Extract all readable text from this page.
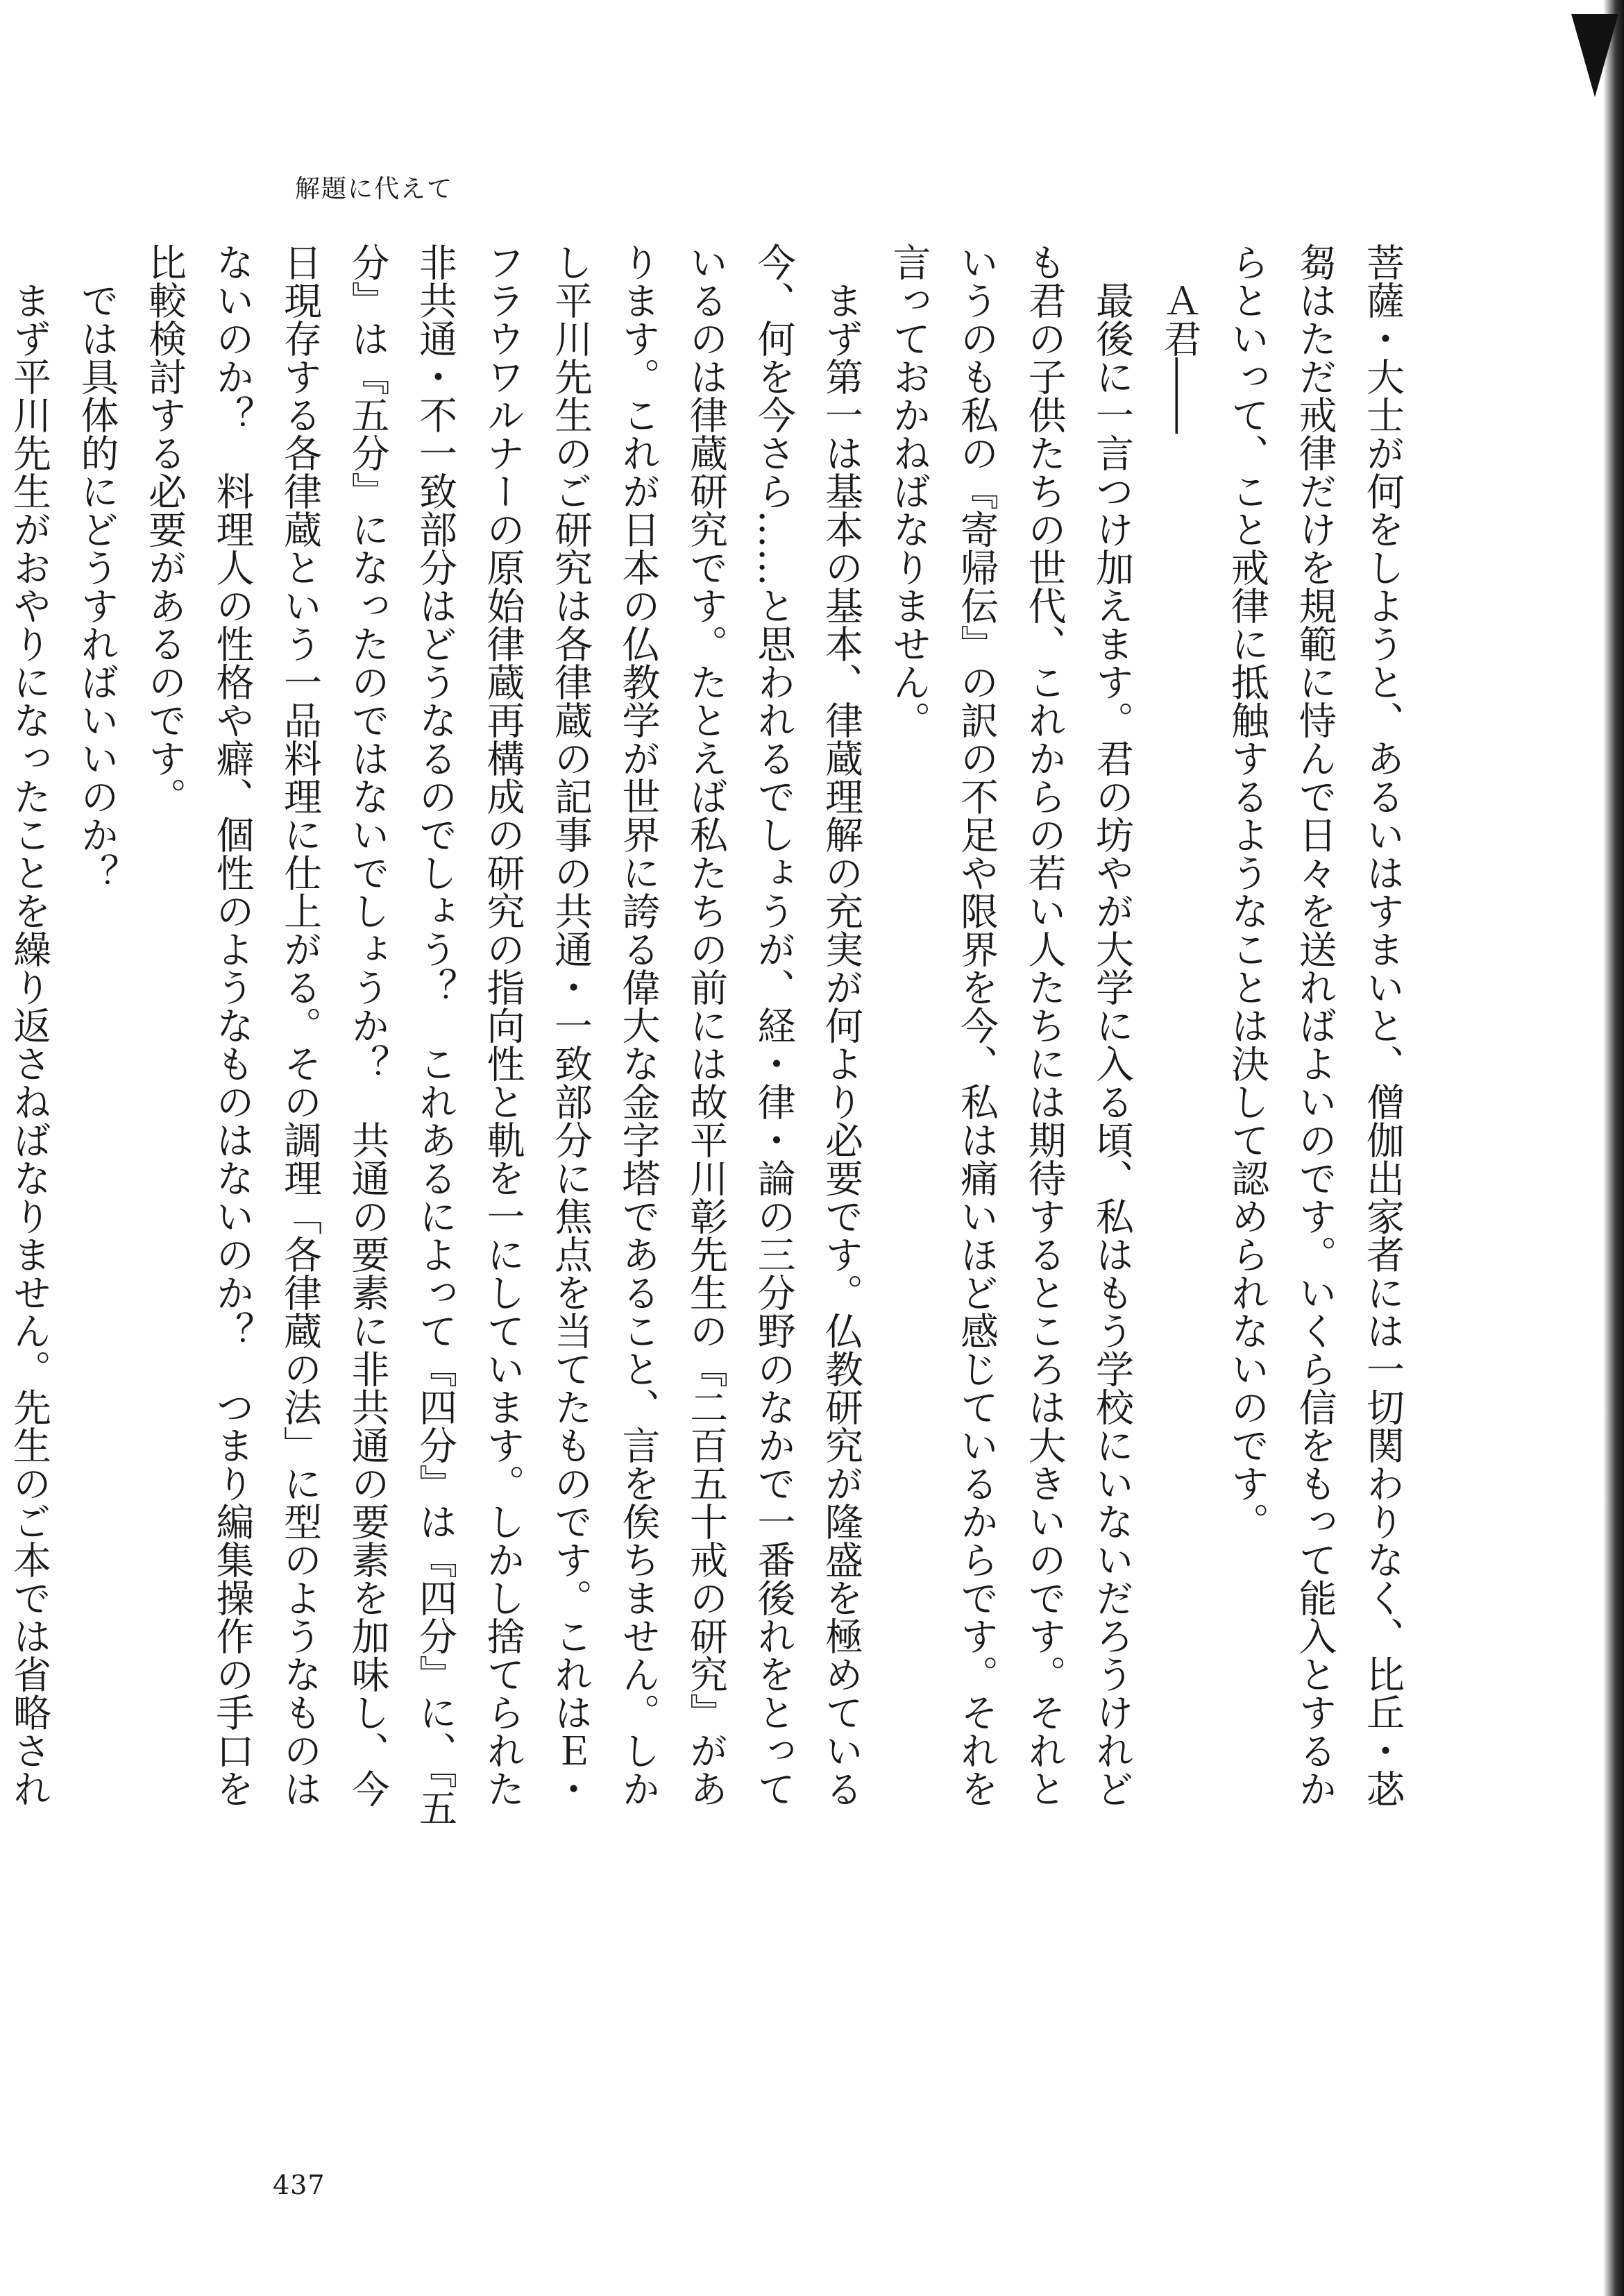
解題に代えて

菩薩・大士が何をしようと、あるいはすまいと、僧伽出家者には一切関わりなく、比丘・苾芻はただ戒律だけを規範に恃んで日々を送ればよいのです。いくら信をもって能入とするからといって、こと戒律に抵触するようなことは決して認められないのです。

Ａ君――

最後に一言つけ加えます。君の坊やが大学に入る頃、私はもう学校にいないだろうけれども君の子供たちの世代、これからの若い人たちには期待するところは大きいのです。それというのも私の『寄帰伝』の訳の不足や限界を今、私は痛いほど感じているからです。それを言っておかねばなりません。

まず第一は基本の基本、律蔵理解の充実が何より必要です。仏教研究が隆盛を極めている今、何を今さら……と思われるでしょうが、経・律・論の三分野のなかで一番後れをとっているのは律蔵研究です。たとえば私たちの前には故平川彰先生の『二百五十戒の研究』があります。これが日本の仏教学が世界に誇る偉大な金字塔であること、言を俟ちません。しかし平川先生のご研究は各律蔵の記事の共通・一致部分に焦点を当てたものです。これはＥ・フラウワルナーの原始律蔵再構成の研究の指向性と軌を一にしています。しかし捨てられた非共通・不一致部分はどうなるのでしょう？　これあるによって『四分』は『四分』に、『五分』は『五分』になったのではないでしょうか？　共通の要素に非共通の要素を加味し、今日現存する各律蔵という一品料理に仕上がる。その調理「各律蔵の法」に型のようなものはないのか？　料理人の性格や癖、個性のようなものはないのか？　つまり編集操作の手口を比較検討する必要があるのです。

では具体的にどうすればいいのか？

まず平川先生がおやりになったことを繰り返さねばなりません。先生のご本では省略され

437
